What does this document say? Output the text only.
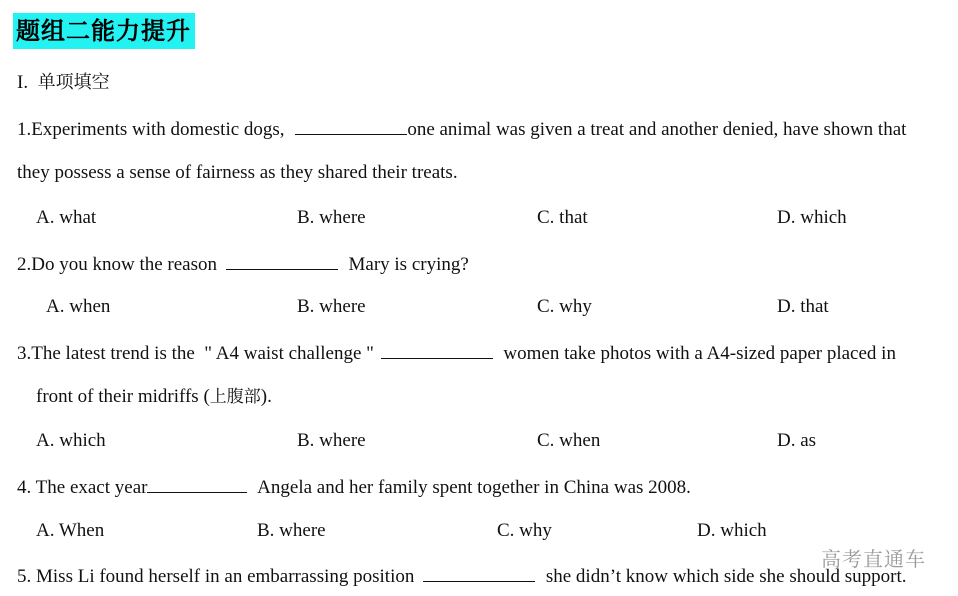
题组二能力提升
I. 单项填空
1.Experiments with domestic dogs,	one animal was given a treat and another denied, have shown that
they possess a sense of fairness as they shared their treats.
A. what	B. where	C. that	D. which
2.Do you know the reason	Mary is crying?
A. when	B. where	C. why	D. that
3.The latest trend is the  " A4 waist challenge "	women take photos with a A4-sized paper placed in
front of their midriffs (上腹部).
A. which	B. where	C. when	D. as
4. The exact year	Angela and her family spent together in China was 2008.
A. When	B. where	C. why	D. which
5. Miss Li found herself in an embarrassing position	she didn’t know which side she should support.
高考直通车
